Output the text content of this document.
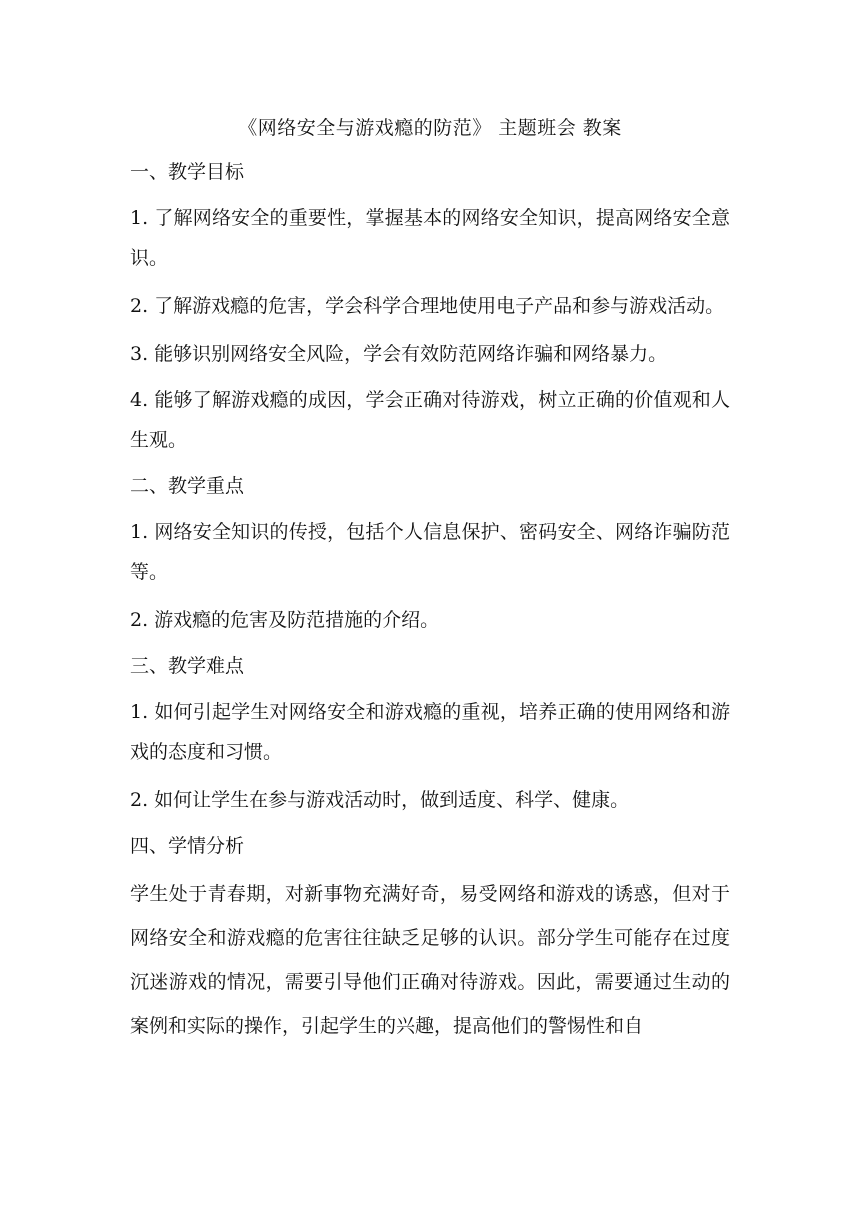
《网络安全与游戏瘾的防范》 主题班会 教案

一、教学目标

1. 了解网络安全的重要性，掌握基本的网络安全知识，提高网络安全意识。

2. 了解游戏瘾的危害，学会科学合理地使用电子产品和参与游戏活动。

3. 能够识别网络安全风险，学会有效防范网络诈骗和网络暴力。

4. 能够了解游戏瘾的成因，学会正确对待游戏，树立正确的价值观和人生观。

二、教学重点

1. 网络安全知识的传授，包括个人信息保护、密码安全、网络诈骗防范等。

2. 游戏瘾的危害及防范措施的介绍。

三、教学难点

1. 如何引起学生对网络安全和游戏瘾的重视，培养正确的使用网络和游戏的态度和习惯。

2. 如何让学生在参与游戏活动时，做到适度、科学、健康。

四、学情分析

学生处于青春期，对新事物充满好奇，易受网络和游戏的诱惑，但对于网络安全和游戏瘾的危害往往缺乏足够的认识。部分学生可能存在过度沉迷游戏的情况，需要引导他们正确对待游戏。因此，需要通过生动的案例和实际的操作，引起学生的兴趣，提高他们的警惕性和自
